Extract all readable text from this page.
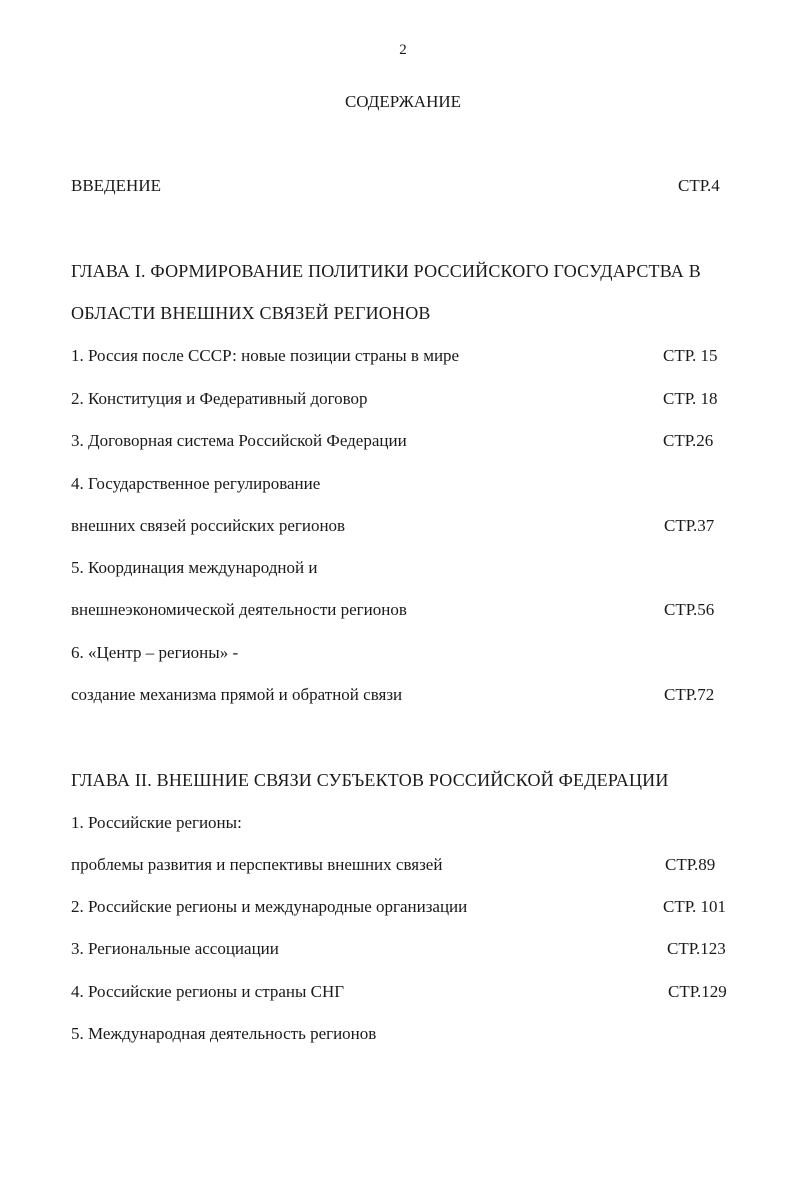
2
СОДЕРЖАНИЕ
ВВЕДЕНИЕ	СТР.4
ГЛАВА I. ФОРМИРОВАНИЕ ПОЛИТИКИ РОССИЙСКОГО ГОСУДАРСТВА В
ОБЛАСТИ ВНЕШНИХ СВЯЗЕЙ РЕГИОНОВ
1. Россия после СССР: новые позиции страны в мире	СТР. 15
2. Конституция и Федеративный договор	СТР. 18
3. Договорная система Российской Федерации	СТР.26
4. Государственное регулирование
внешних связей российских регионов	СТР.37
5. Координация международной и
внешнеэкономической деятельности регионов	СТР.56
6. «Центр – регионы» -
создание механизма прямой и обратной связи	СТР.72
ГЛАВА II. ВНЕШНИЕ СВЯЗИ СУБЪЕКТОВ РОССИЙСКОЙ ФЕДЕРАЦИИ
1. Российские регионы:
проблемы развития и перспективы внешних связей	СТР.89
2. Российские регионы и международные организации	СТР. 101
3. Региональные ассоциации	СТР.123
4. Российские регионы и страны СНГ	СТР.129
5. Международная деятельность регионов
